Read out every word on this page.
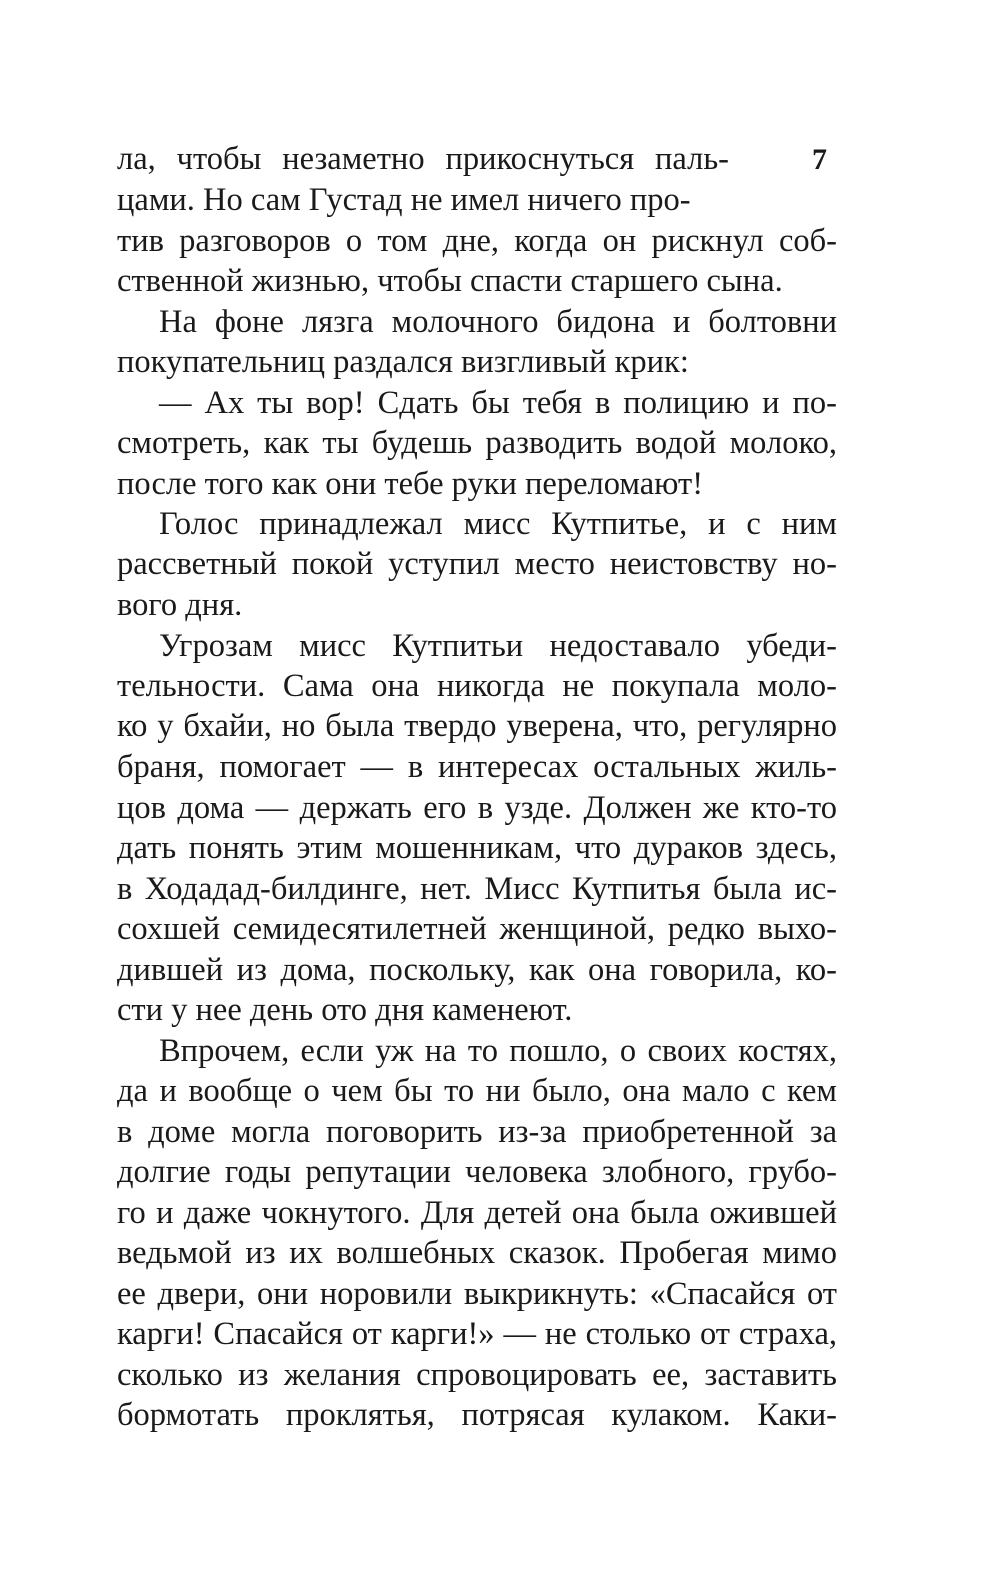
7
ла, чтобы незаметно прикоснуться паль-
цами. Но сам Густад не имел ничего про-
тив разговоров о том дне, когда он рискнул соб-
ственной жизнью, чтобы спасти старшего сына.
На фоне лязга молочного бидона и болтовни
покупательниц раздался визгливый крик:
— Ах ты вор! Сдать бы тебя в полицию и по-
смотреть, как ты будешь разводить водой молоко,
после того как они тебе руки переломают!
Голос принадлежал мисс Кутпитье, и с ним
рассветный покой уступил место неистовству но-
вого дня.
Угрозам мисс Кутпитьи недоставало убеди-
тельности. Сама она никогда не покупала моло-
ко у бхайи, но была твердо уверена, что, регулярно
браня, помогает — в интересах остальных жиль-
цов дома — держать его в узде. Должен же кто-то
дать понять этим мошенникам, что дураков здесь,
в Ходадад-билдинге, нет. Мисс Кутпитья была ис-
сохшей семидесятилетней женщиной, редко выхо-
дившей из дома, поскольку, как она говорила, ко-
сти у нее день ото дня каменеют.
Впрочем, если уж на то пошло, о своих костях,
да и вообще о чем бы то ни было, она мало с кем
в доме могла поговорить из-за приобретенной за
долгие годы репутации человека злобного, грубо-
го и даже чокнутого. Для детей она была ожившей
ведьмой из их волшебных сказок. Пробегая мимо
ее двери, они норовили выкрикнуть: «Спасайся от
карги! Спасайся от карги!» — не столько от страха,
сколько из желания спровоцировать ее, заставить
бормотать проклятья, потрясая кулаком. Каки-
